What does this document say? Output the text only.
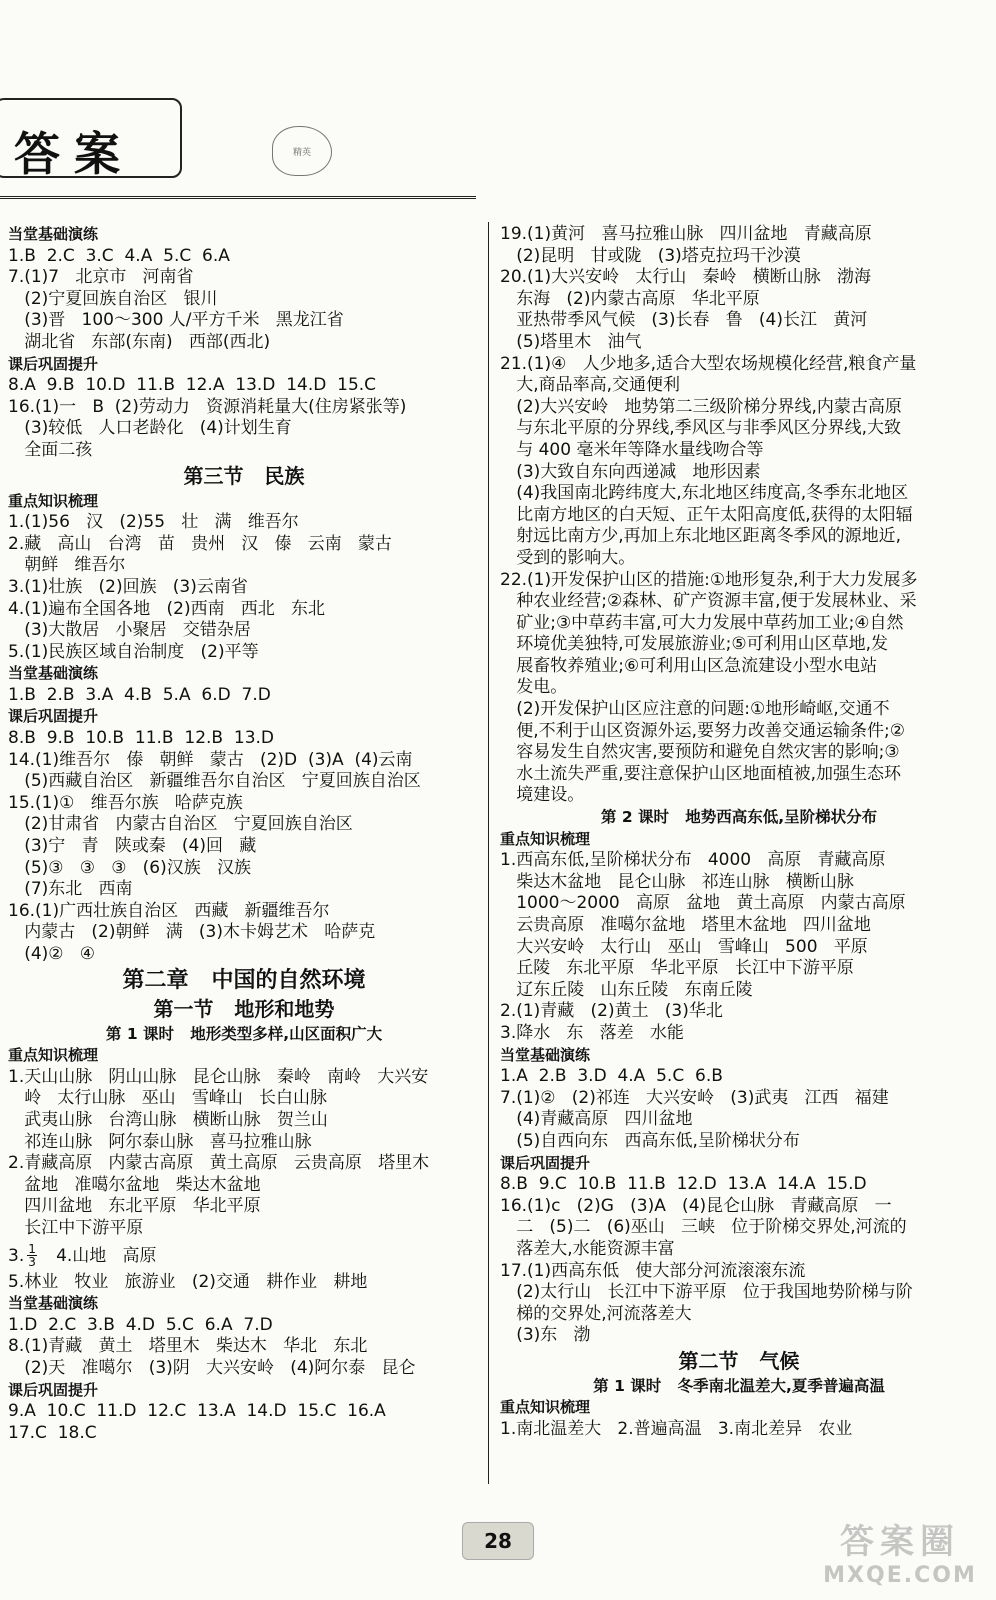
答案	精英
当堂基础演练
1.B  2.C  3.C  4.A  5.C  6.A
7.(1)7   北京市   河南省
(2)宁夏回族自治区   银川
(3)晋   100～300 人/平方千米   黑龙江省
湖北省   东部(东南)   西部(西北)
课后巩固提升
8.A  9.B  10.D  11.B  12.A  13.D  14.D  15.C
16.(1)一   B  (2)劳动力   资源消耗量大(住房紧张等)
(3)较低   人口老龄化   (4)计划生育
全面二孩
第三节   民族
重点知识梳理
1.(1)56   汉   (2)55   壮   满   维吾尔
2.藏   高山   台湾   苗   贵州   汉   傣   云南   蒙古
朝鲜   维吾尔
3.(1)壮族   (2)回族   (3)云南省
4.(1)遍布全国各地   (2)西南   西北   东北
(3)大散居   小聚居   交错杂居
5.(1)民族区域自治制度   (2)平等
当堂基础演练
1.B  2.B  3.A  4.B  5.A  6.D  7.D
课后巩固提升
8.B  9.B  10.B  11.B  12.B  13.D
14.(1)维吾尔   傣   朝鲜   蒙古   (2)D  (3)A  (4)云南
(5)西藏自治区   新疆维吾尔自治区   宁夏回族自治区
15.(1)①   维吾尔族   哈萨克族
(2)甘肃省   内蒙古自治区   宁夏回族自治区
(3)宁   青   陕或秦   (4)回   藏
(5)③   ③   ③   (6)汉族   汉族
(7)东北   西南
16.(1)广西壮族自治区   西藏   新疆维吾尔
内蒙古   (2)朝鲜   满   (3)木卡姆艺术   哈萨克
(4)②   ④
第二章   中国的自然环境
第一节   地形和地势
第 1 课时   地形类型多样,山区面积广大
重点知识梳理
1.天山山脉   阴山山脉   昆仑山脉   秦岭   南岭   大兴安
岭   太行山脉   巫山   雪峰山   长白山脉
武夷山脉   台湾山脉   横断山脉   贺兰山
祁连山脉   阿尔泰山脉   喜马拉雅山脉
2.青藏高原   内蒙古高原   黄土高原   云贵高原   塔里木
盆地   准噶尔盆地   柴达木盆地
四川盆地   东北平原   华北平原
长江中下游平原
3. $\frac{1}{3} 4$.山地   高原
5.林业   牧业   旅游业   (2)交通   耕作业   耕地
当堂基础演练
1.D  2.C  3.B  4.D  5.C  6.A  7.D
8.(1)青藏   黄土   塔里木   柴达木   华北   东北
(2)天   准噶尔   (3)阴   大兴安岭   (4)阿尔泰   昆仑
课后巩固提升
9.A  10.C  11.D  12.C  13.A  14.D  15.C  16.A
17.C  18.C
19.(1)黄河   喜马拉雅山脉   四川盆地   青藏高原
(2)昆明   甘或陇   (3)塔克拉玛干沙漠
20.(1)大兴安岭   太行山   秦岭   横断山脉   渤海
东海   (2)内蒙古高原   华北平原
亚热带季风气候   (3)长春   鲁   (4)长江   黄河
(5)塔里木   油气
21.(1)④   人少地多,适合大型农场规模化经营,粮食产量
大,商品率高,交通便利
(2)大兴安岭   地势第二三级阶梯分界线,内蒙古高原
与东北平原的分界线,季风区与非季风区分界线,大致
与 400 毫米年等降水量线吻合等
(3)大致自东向西递减   地形因素
(4)我国南北跨纬度大,东北地区纬度高,冬季东北地区
比南方地区的白天短、正午太阳高度低,获得的太阳辐
射远比南方少,再加上东北地区距离冬季风的源地近,
受到的影响大。
22.(1)开发保护山区的措施:①地形复杂,利于大力发展多
种农业经营;②森林、矿产资源丰富,便于发展林业、采
矿业;③中草药丰富,可大力发展中草药加工业;④自然
环境优美独特,可发展旅游业;⑤可利用山区草地,发
展畜牧养殖业;⑥可利用山区急流建设小型水电站
发电。
(2)开发保护山区应注意的问题:①地形崎岖,交通不
便,不利于山区资源外运,要努力改善交通运输条件;②
容易发生自然灾害,要预防和避免自然灾害的影响;③
水土流失严重,要注意保护山区地面植被,加强生态环
境建设。
第 2 课时   地势西高东低,呈阶梯状分布
重点知识梳理
1.西高东低,呈阶梯状分布   4000   高原   青藏高原
柴达木盆地   昆仑山脉   祁连山脉   横断山脉
1000～2000   高原   盆地   黄土高原   内蒙古高原
云贵高原   准噶尔盆地   塔里木盆地   四川盆地
大兴安岭   太行山   巫山   雪峰山   500   平原
丘陵   东北平原   华北平原   长江中下游平原
辽东丘陵   山东丘陵   东南丘陵
2.(1)青藏   (2)黄土   (3)华北
3.降水   东   落差   水能
当堂基础演练
1.A  2.B  3.D  4.A  5.C  6.B
7.(1)②   (2)祁连   大兴安岭   (3)武夷   江西   福建
(4)青藏高原   四川盆地
(5)自西向东   西高东低,呈阶梯状分布
课后巩固提升
8.B  9.C  10.B  11.B  12.D  13.A  14.A  15.D
16.(1)c   (2)G   (3)A   (4)昆仑山脉   青藏高原   一
二   (5)二   (6)巫山   三峡   位于阶梯交界处,河流的
落差大,水能资源丰富
17.(1)西高东低   使大部分河流滚滚东流
(2)太行山   长江中下游平原   位于我国地势阶梯与阶
梯的交界处,河流落差大
(3)东   渤
第二节   气候
第 1 课时   冬季南北温差大,夏季普遍高温
重点知识梳理
1.南北温差大   2.普遍高温   3.南北差异   农业
28	答案圈
MXQE.COM
